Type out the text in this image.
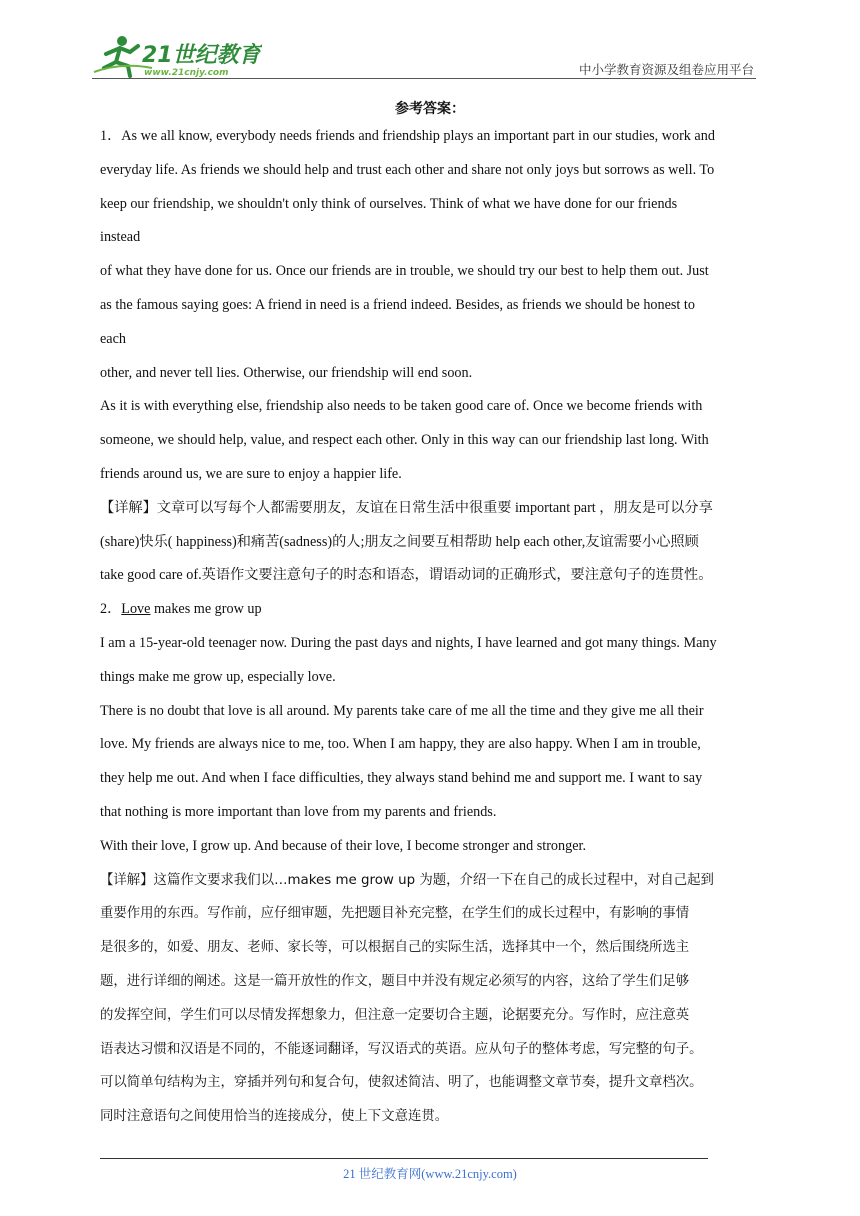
21世纪教育
www.21cnjy.com	中小学教育资源及组卷应用平台
参考答案：
1．As we all know, everybody needs friends and friendship plays an important part in our studies, work and
everyday life. As friends we should help and trust each other and share not only joys but sorrows as well. To
keep our friendship, we shouldn't only think of ourselves. Think of what we have done for our friends
instead
of what they have done for us. Once our friends are in trouble, we should try our best to help them out. Just
as the famous saying goes: A friend in need is a friend indeed. Besides, as friends we should be honest to
each
other, and never tell lies. Otherwise, our friendship will end soon.
As it is with everything else, friendship also needs to be taken good care of. Once we become friends with
someone, we should help, value, and respect each other. Only in this way can our friendship last long. With
friends around us, we are sure to enjoy a happier life.
【详解】文章可以写每个人都需要朋友，友谊在日常生活中很重要 important part ，朋友是可以分享
(share)快乐( happiness)和痛苦(sadness)的人;朋友之间要互相帮助 help each other,友谊需要小心照顾
take good care of.英语作文要注意句子的时态和语态，谓语动词的正确形式，要注意句子的连贯性。
2．Love makes me grow up
I am a 15-year-old teenager now. During the past days and nights, I have learned and got many things. Many
things make me grow up, especially love.
There is no doubt that love is all around. My parents take care of me all the time and they give me all their
love. My friends are always nice to me, too. When I am happy, they are also happy. When I am in trouble,
they help me out. And when I face difficulties, they always stand behind me and support me. I want to say
that nothing is more important than love from my parents and friends.
With their love, I grow up. And because of their love, I become stronger and stronger.
【详解】这篇作文要求我们以…makes me grow up 为题，介绍一下在自己的成长过程中，对自己起到
重要作用的东西。写作前，应仔细审题，先把题目补充完整，在学生们的成长过程中，有影响的事情
是很多的，如爱、朋友、老师、家长等，可以根据自己的实际生活，选择其中一个，然后围绕所选主
题，进行详细的阐述。这是一篇开放性的作文，题目中并没有规定必须写的内容，这给了学生们足够
的发挥空间，学生们可以尽情发挥想象力，但注意一定要切合主题，论据要充分。写作时，应注意英
语表达习惯和汉语是不同的，不能逐词翻译，写汉语式的英语。应从句子的整体考虑，写完整的句子。
可以简单句结构为主，穿插并列句和复合句，使叙述简洁、明了，也能调整文章节奏，提升文章档次。
同时注意语句之间使用恰当的连接成分，使上下文意连贯。
21 世纪教育网(www.21cnjy.com)
